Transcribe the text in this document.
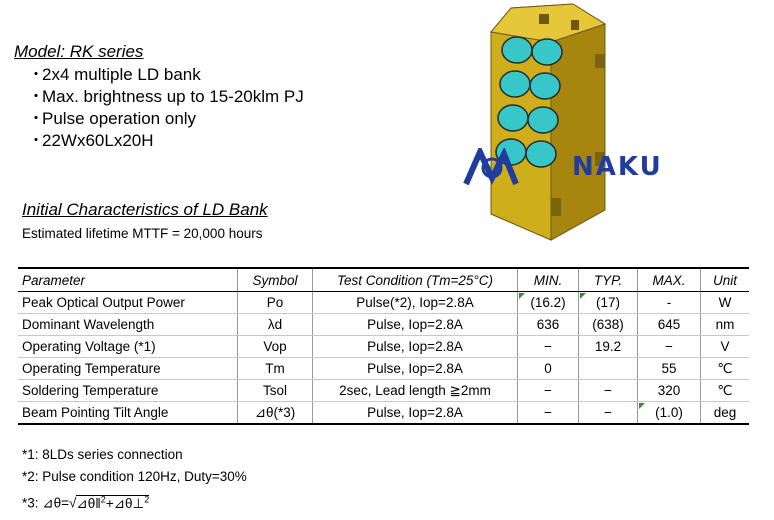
Model: RK series
･ 2x4 multiple LD bank
･ Max. brightness up to 15-20klm PJ
･ Pulse operation only
･ 22Wx60Lx20H
NAKU
Initial Characteristics of LD Bank
Estimated lifetime MTTF = 20,000 hours
Parameter	Symbol	Test Condition (Tm=25°C)	MIN.	TYP.	MAX.	Unit
Peak Optical Output Power	Po	Pulse(*2), Iop=2.8A	(16.2)	(17)	-	W
Dominant Wavelength	λd	Pulse, Iop=2.8A	636	(638)	645	nm
Operating Voltage (*1)	Vop	Pulse, Iop=2.8A	−	19.2	−	V
Operating Temperature	Tm	Pulse, Iop=2.8A	0		55	℃
Soldering Temperature	Tsol	2sec, Lead length ≧2mm	−	−	320	℃
Beam Pointing Tilt Angle	⊿θ(*3)	Pulse, Iop=2.8A	−	−	(1.0)	deg
*1: 8LDs series connection
*2: Pulse condition 120Hz, Duty=30%
*3: ⊿θ=√⊿θ‖$^2$+⊿θ⊥$^2$
